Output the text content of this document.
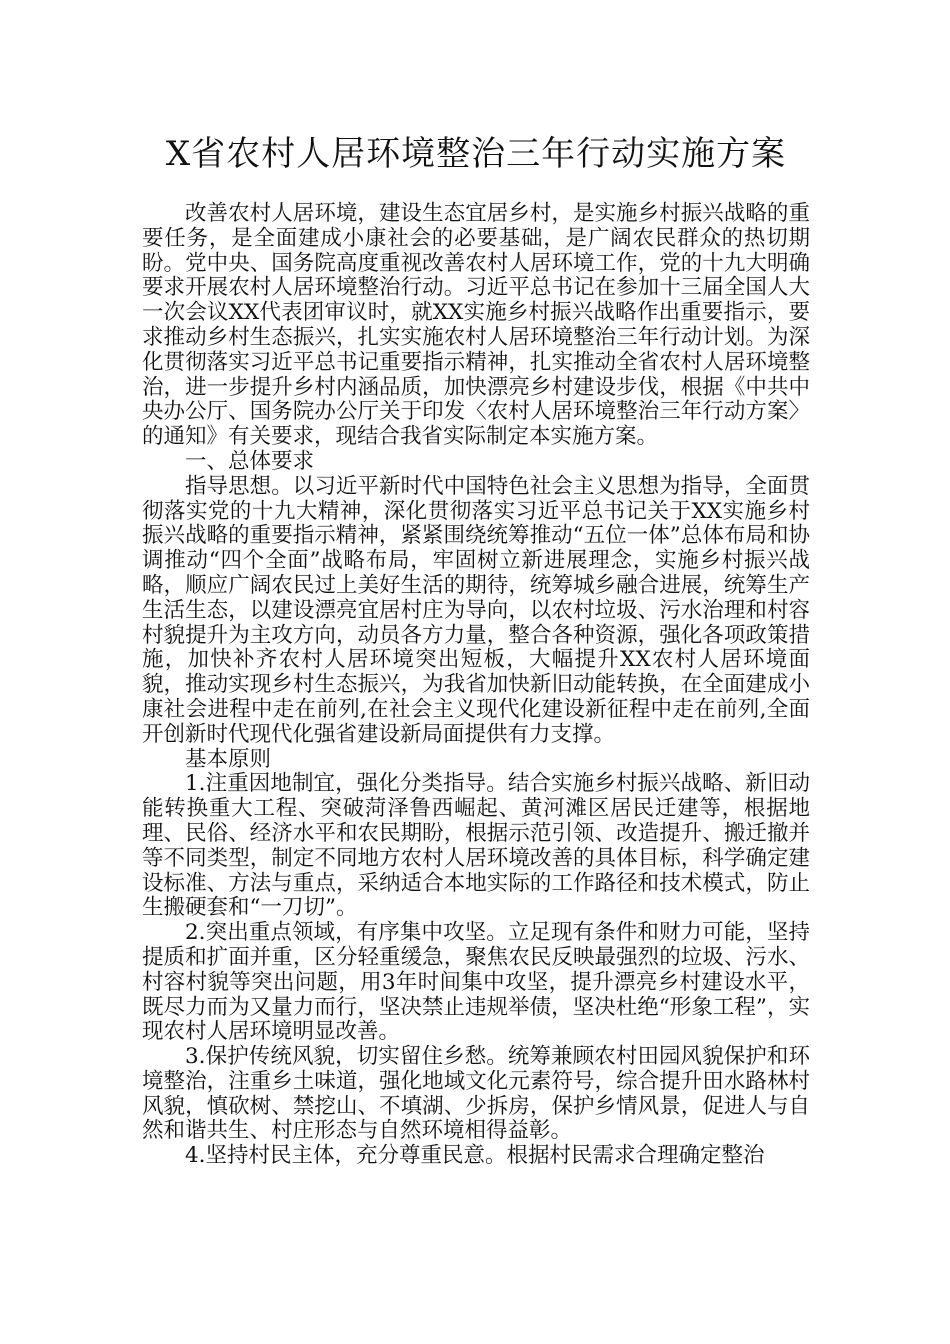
X省农村人居环境整治三年行动实施方案

改善农村人居环境，建设生态宜居乡村，是实施乡村振兴战略的重要任务，是全面建成小康社会的必要基础，是广阔农民群众的热切期盼。党中央、国务院高度重视改善农村人居环境工作，党的十九大明确要求开展农村人居环境整治行动。习近平总书记在参加十三届全国人大一次会议XX代表团审议时，就XX实施乡村振兴战略作出重要指示，要求推动乡村生态振兴，扎实实施农村人居环境整治三年行动计划。为深化贯彻落实习近平总书记重要指示精神，扎实推动全省农村人居环境整治，进一步提升乡村内涵品质，加快漂亮乡村建设步伐，根据《中共中央办公厅、国务院办公厅关于印发〈农村人居环境整治三年行动方案〉的通知》有关要求，现结合我省实际制定本实施方案。

一、总体要求

指导思想。以习近平新时代中国特色社会主义思想为指导，全面贯彻落实党的十九大精神，深化贯彻落实习近平总书记关于XX实施乡村振兴战略的重要指示精神，紧紧围绕统筹推动“五位一体”总体布局和协调推动“四个全面”战略布局，牢固树立新进展理念，实施乡村振兴战略，顺应广阔农民过上美好生活的期待，统筹城乡融合进展，统筹生产生活生态，以建设漂亮宜居村庄为导向，以农村垃圾、污水治理和村容村貌提升为主攻方向，动员各方力量，整合各种资源，强化各项政策措施，加快补齐农村人居环境突出短板，大幅提升XX农村人居环境面貌，推动实现乡村生态振兴，为我省加快新旧动能转换，在全面建成小康社会进程中走在前列,在社会主义现代化建设新征程中走在前列,全面开创新时代现代化强省建设新局面提供有力支撑。

基本原则

1.注重因地制宜，强化分类指导。结合实施乡村振兴战略、新旧动能转换重大工程、突破菏泽鲁西崛起、黄河滩区居民迁建等，根据地理、民俗、经济水平和农民期盼，根据示范引领、改造提升、搬迁撤并等不同类型，制定不同地方农村人居环境改善的具体目标，科学确定建设标准、方法与重点，采纳适合本地实际的工作路径和技术模式，防止生搬硬套和“一刀切”。

2.突出重点领域，有序集中攻坚。立足现有条件和财力可能，坚持提质和扩面并重，区分轻重缓急，聚焦农民反映最强烈的垃圾、污水、村容村貌等突出问题，用3年时间集中攻坚，提升漂亮乡村建设水平，既尽力而为又量力而行，坚决禁止违规举债，坚决杜绝“形象工程”，实现农村人居环境明显改善。

3.保护传统风貌，切实留住乡愁。统筹兼顾农村田园风貌保护和环境整治，注重乡土味道，强化地域文化元素符号，综合提升田水路林村风貌，慎砍树、禁挖山、不填湖、少拆房，保护乡情风景，促进人与自然和谐共生、村庄形态与自然环境相得益彰。

4.坚持村民主体，充分尊重民意。根据村民需求合理确定整治
